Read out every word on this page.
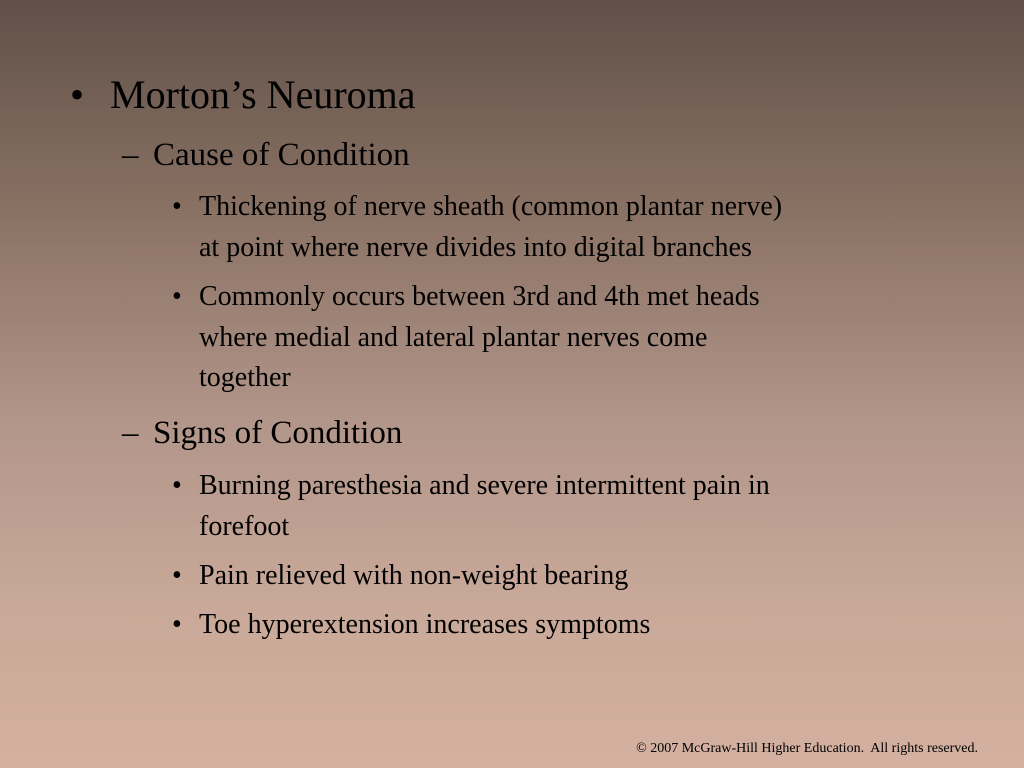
• Morton’s Neuroma
– Cause of Condition
• Thickening of nerve sheath (common plantar nerve)
at point where nerve divides into digital branches
• Commonly occurs between 3rd and 4th met heads
where medial and lateral plantar nerves come
together
– Signs of Condition
• Burning paresthesia and severe intermittent pain in
forefoot
• Pain relieved with non-weight bearing
• Toe hyperextension increases symptoms
© 2007 McGraw-Hill Higher Education.  All rights reserved.
